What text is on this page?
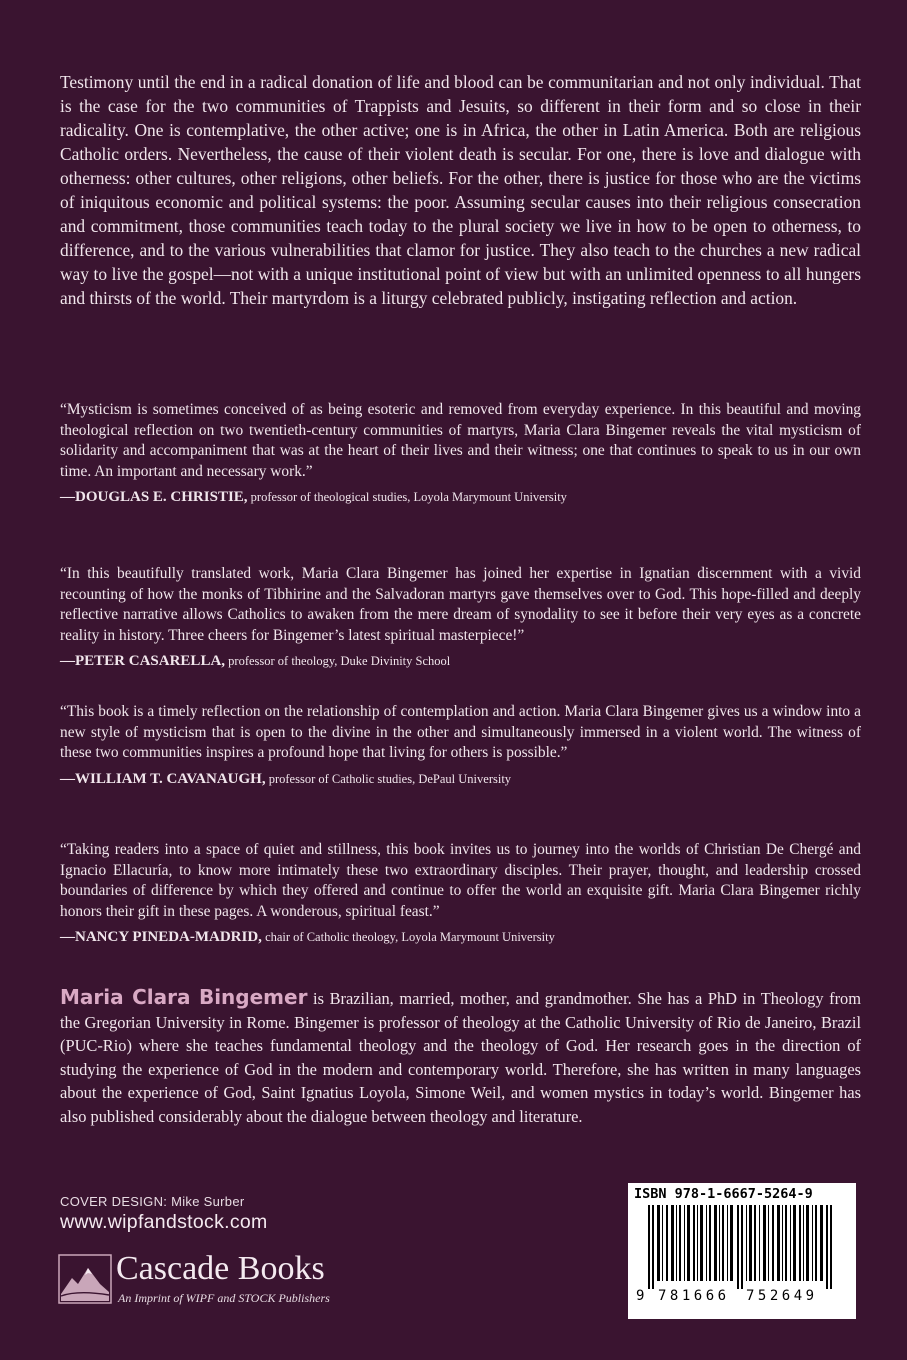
Testimony until the end in a radical donation of life and blood can be communitarian and not only individual. That is the case for the two communities of Trappists and Jesuits, so different in their form and so close in their radicality. One is contemplative, the other active; one is in Africa, the other in Latin America. Both are religious Catholic orders. Nevertheless, the cause of their violent death is secular. For one, there is love and dialogue with otherness: other cultures, other religions, other beliefs. For the other, there is justice for those who are the victims of iniquitous economic and political systems: the poor. Assuming secular causes into their religious consecration and commitment, those communities teach today to the plural society we live in how to be open to otherness, to difference, and to the various vulnerabilities that clamor for justice. They also teach to the churches a new radical way to live the gospel—not with a unique institutional point of view but with an unlimited openness to all hungers and thirsts of the world. Their martyrdom is a liturgy celebrated publicly, instigating reflection and action.

“Mysticism is sometimes conceived of as being esoteric and removed from everyday experience. In this beautiful and moving theological reflection on two twentieth-century communities of martyrs, Maria Clara Bingemer reveals the vital mysticism of solidarity and accompaniment that was at the heart of their lives and their witness; one that continues to speak to us in our own time. An important and necessary work.”

—DOUGLAS E. CHRISTIE, professor of theological studies, Loyola Marymount University

“In this beautifully translated work, Maria Clara Bingemer has joined her expertise in Ignatian discernment with a vivid recounting of how the monks of Tibhirine and the Salvadoran martyrs gave themselves over to God. This hope-filled and deeply reflective narrative allows Catholics to awaken from the mere dream of synodality to see it before their very eyes as a concrete reality in history. Three cheers for Bingemer’s latest spiritual masterpiece!”

—PETER CASARELLA, professor of theology, Duke Divinity School

“This book is a timely reflection on the relationship of contemplation and action. Maria Clara Bingemer gives us a window into a new style of mysticism that is open to the divine in the other and simultaneously immersed in a violent world. The witness of these two communities inspires a profound hope that living for others is possible.”

—WILLIAM T. CAVANAUGH, professor of Catholic studies, DePaul University

“Taking readers into a space of quiet and stillness, this book invites us to journey into the worlds of Christian De Chergé and Ignacio Ellacuría, to know more intimately these two extraordinary disciples. Their prayer, thought, and leadership crossed boundaries of difference by which they offered and continue to offer the world an exquisite gift. Maria Clara Bingemer richly honors their gift in these pages. A wonderous, spiritual feast.”

—NANCY PINEDA-MADRID, chair of Catholic theology, Loyola Marymount University

Maria Clara Bingemer is Brazilian, married, mother, and grandmother. She has a PhD in Theology from the Gregorian University in Rome. Bingemer is professor of theology at the Catholic University of Rio de Janeiro, Brazil (PUC-Rio) where she teaches fundamental theology and the theology of God. Her research goes in the direction of studying the experience of God in the modern and contemporary world. Therefore, she has written in many languages about the experience of God, Saint Ignatius Loyola, Simone Weil, and women mystics in today’s world. Bingemer has also published considerably about the dialogue between theology and literature.

COVER DESIGN: Mike Surber
www.wipfandstock.com
Cascade Books
An Imprint of WIPF and STOCK Publishers
ISBN 978-1-6667-5264-9
9 781666 752649
